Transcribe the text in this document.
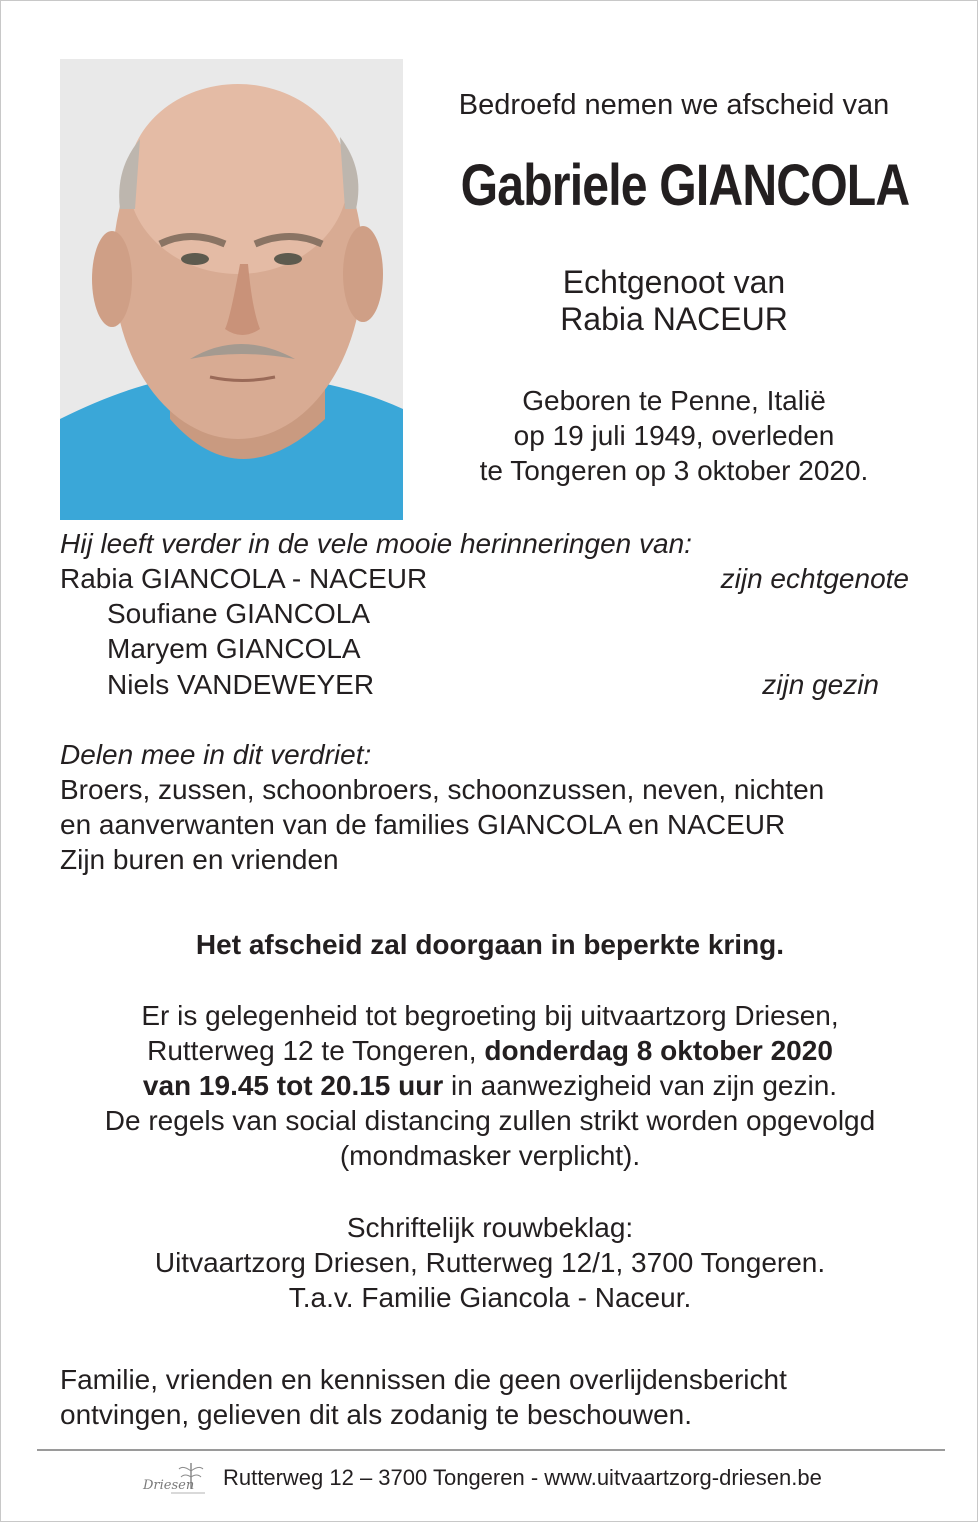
Bedroefd nemen we afscheid van
Gabriele GIANCOLA
Echtgenoot van
Rabia NACEUR
Geboren te Penne, Italië
op 19 juli 1949, overleden
te Tongeren op 3 oktober 2020.
Hij leeft verder in de vele mooie herinneringen van:
Rabia GIANCOLA - NACEUR	zijn echtgenote
Soufiane GIANCOLA
Maryem GIANCOLA
Niels VANDEWEYER	zijn gezin
Delen mee in dit verdriet:
Broers, zussen, schoonbroers, schoonzussen, neven, nichten
en aanverwanten van de families GIANCOLA en NACEUR
Zijn buren en vrienden
Het afscheid zal doorgaan in beperkte kring.
Er is gelegenheid tot begroeting bij uitvaartzorg Driesen,
Rutterweg 12 te Tongeren, donderdag 8 oktober 2020
van 19.45 tot 20.15 uur in aanwezigheid van zijn gezin.
De regels van social distancing zullen strikt worden opgevolgd
(mondmasker verplicht).
Schriftelijk rouwbeklag:
Uitvaartzorg Driesen, Rutterweg 12/1, 3700 Tongeren.
T.a.v. Familie Giancola - Naceur.
Familie, vrienden en kennissen die geen overlijdensbericht
ontvingen, gelieven dit als zodanig te beschouwen.
Driesen Rutterweg 12 – 3700 Tongeren - www.uitvaartzorg-driesen.be
